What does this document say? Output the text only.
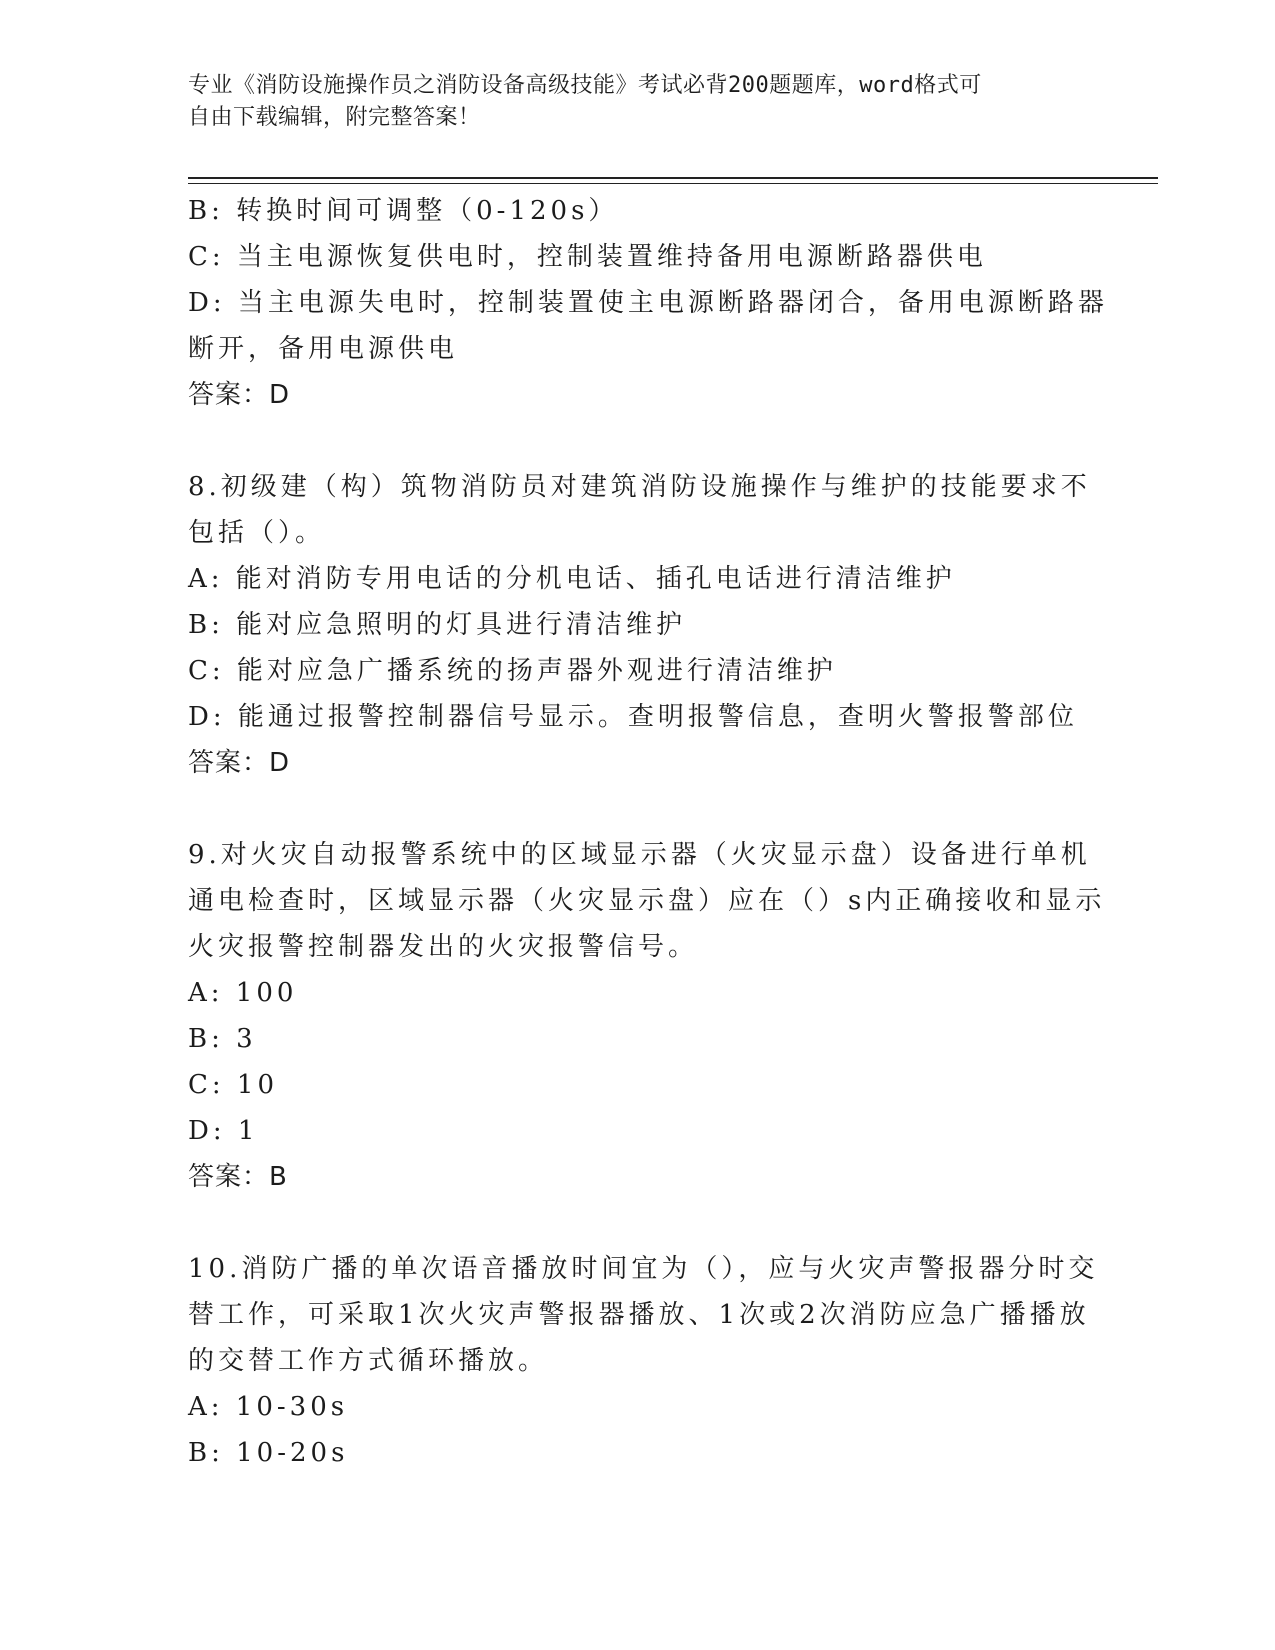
专业《消防设施操作员之消防设备高级技能》考试必背200题题库，word格式可
自由下载编辑，附完整答案！
B: 转换时间可调整（0-120s）
C: 当主电源恢复供电时，控制装置维持备用电源断路器供电
D: 当主电源失电时，控制装置使主电源断路器闭合，备用电源断路器
断开，备用电源供电
答案：D
8.初级建（构）筑物消防员对建筑消防设施操作与维护的技能要求不
包括（）。
A: 能对消防专用电话的分机电话、插孔电话进行清洁维护
B: 能对应急照明的灯具进行清洁维护
C: 能对应急广播系统的扬声器外观进行清洁维护
D: 能通过报警控制器信号显示。查明报警信息，查明火警报警部位
答案：D
9.对火灾自动报警系统中的区域显示器（火灾显示盘）设备进行单机
通电检查时，区域显示器（火灾显示盘）应在（）s内正确接收和显示
火灾报警控制器发出的火灾报警信号。
A: 100
B: 3
C: 10
D: 1
答案：B
10.消防广播的单次语音播放时间宜为（），应与火灾声警报器分时交
替工作，可采取1次火灾声警报器播放、1次或2次消防应急广播播放
的交替工作方式循环播放。
A: 10-30s
B: 10-20s
